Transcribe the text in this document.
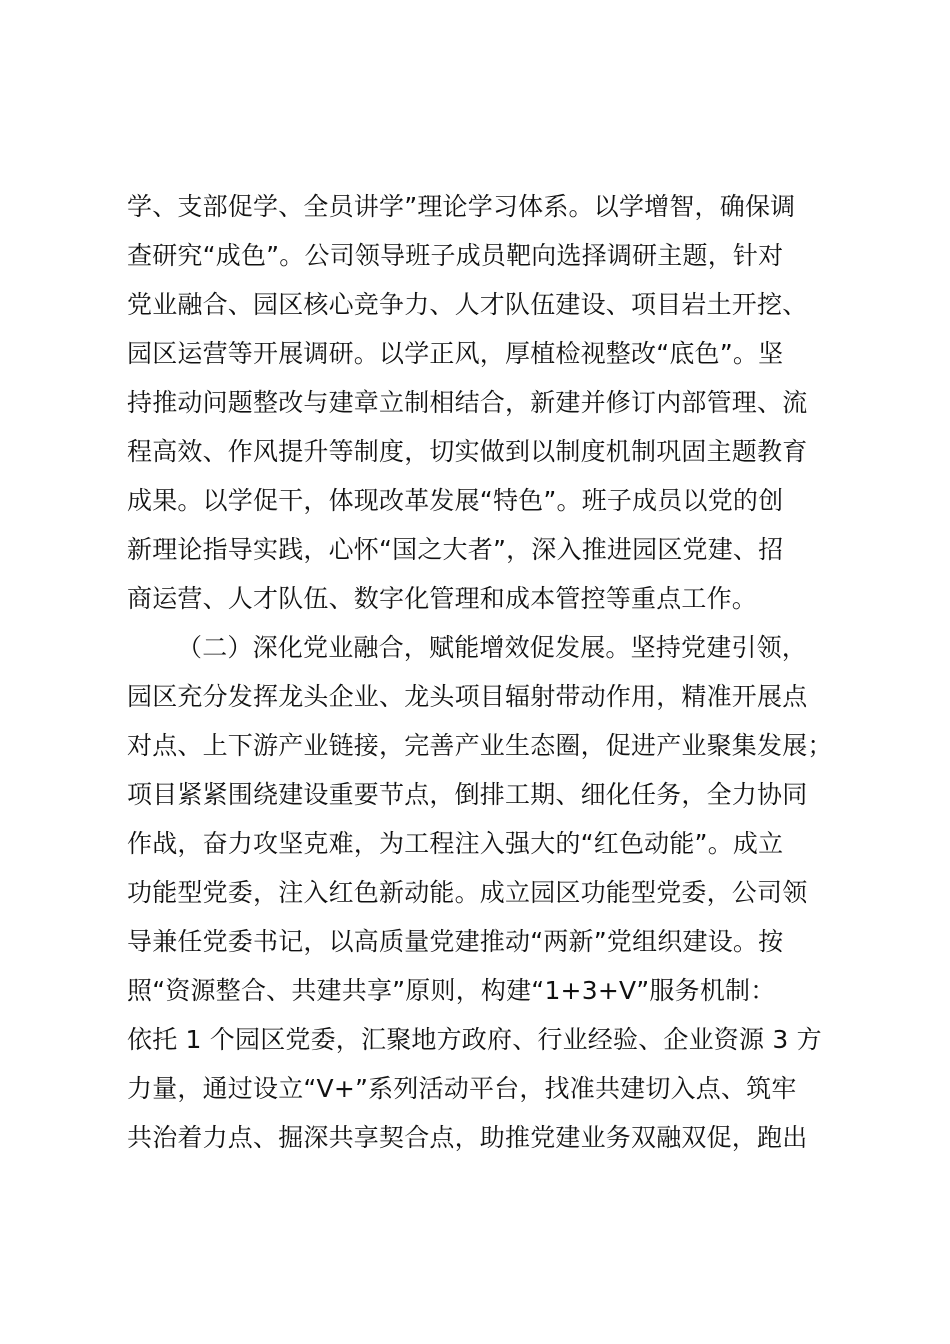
学、支部促学、全员讲学”理论学习体系。以学增智，确保调
查研究“成色”。公司领导班子成员靶向选择调研主题，针对
党业融合、园区核心竞争力、人才队伍建设、项目岩土开挖、
园区运营等开展调研。以学正风，厚植检视整改“底色”。坚
持推动问题整改与建章立制相结合，新建并修订内部管理、流
程高效、作风提升等制度，切实做到以制度机制巩固主题教育
成果。以学促干，体现改革发展“特色”。班子成员以党的创
新理论指导实践，心怀“国之大者”，深入推进园区党建、招
商运营、人才队伍、数字化管理和成本管控等重点工作。
（二）深化党业融合，赋能增效促发展。坚持党建引领，
园区充分发挥龙头企业、龙头项目辐射带动作用，精准开展点
对点、上下游产业链接，完善产业生态圈，促进产业聚集发展；
项目紧紧围绕建设重要节点，倒排工期、细化任务，全力协同
作战，奋力攻坚克难，为工程注入强大的“红色动能”。成立
功能型党委，注入红色新动能。成立园区功能型党委，公司领
导兼任党委书记，以高质量党建推动“两新”党组织建设。按
照“资源整合、共建共享”原则，构建“1+3+V”服务机制：
依托 1 个园区党委，汇聚地方政府、行业经验、企业资源 3 方
力量，通过设立“V+”系列活动平台，找准共建切入点、筑牢
共治着力点、掘深共享契合点，助推党建业务双融双促，跑出
